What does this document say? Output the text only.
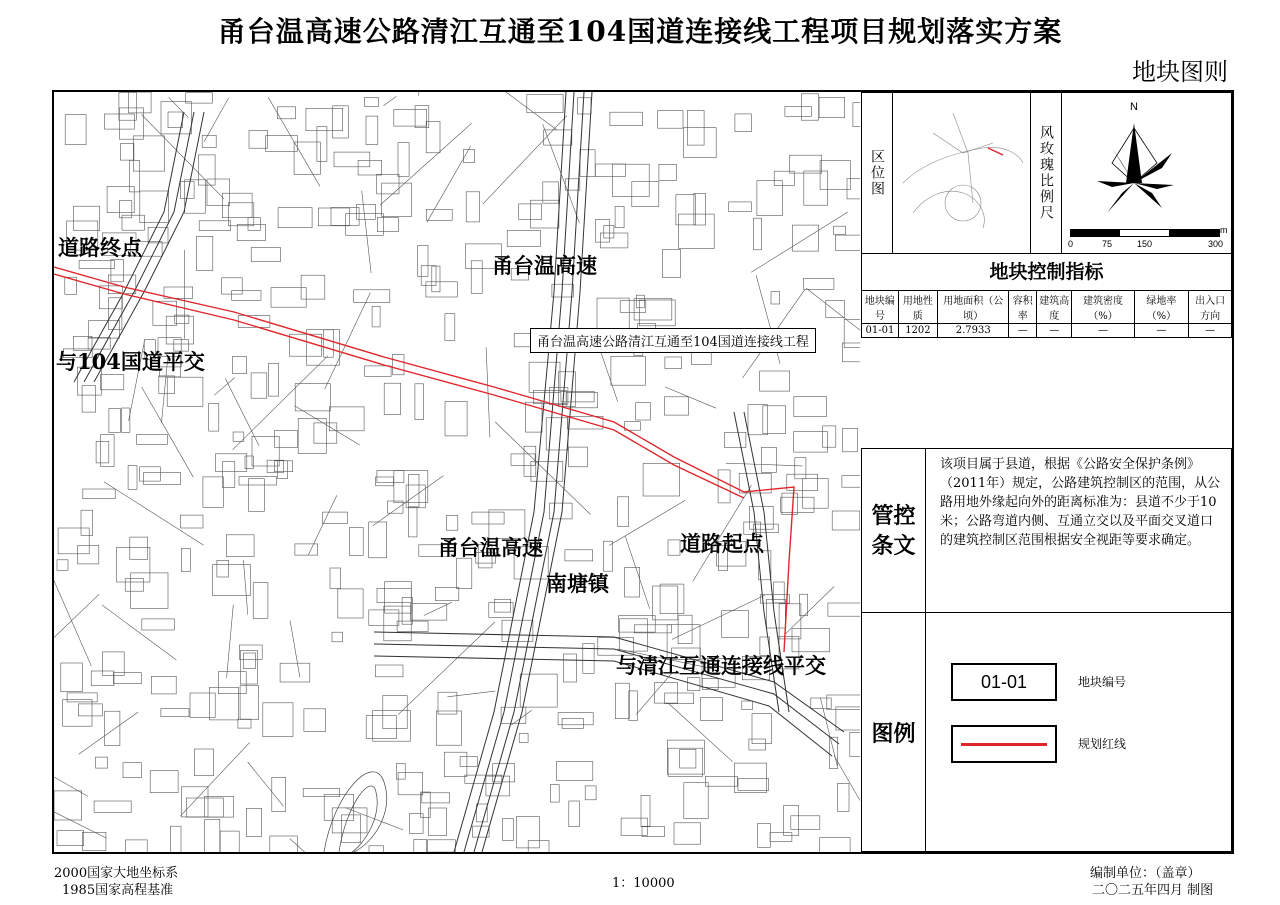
甬台温高速公路清江互通至104国道连接线工程项目规划落实方案
地块图则
道路终点
甬台温高速
与104国道平交
甬台温高速公路清江互通至104国道连接线工程
甬台温高速	道路起点
南塘镇
与清江互通连接线平交
区位图	风玫瑰比例尺
N
0	75	150	300
m
地块控制指标
地块编号	用地性质	用地面积（公顷）	容积率	建筑高度	建筑密度（%）	绿地率（%）	出入口方向
01-01	1202	2.7933	—	—	—	—	—
管控条文
该项目属于县道，根据《公路安全保护条例》（2011年）规定，公路建筑控制区的范围，从公路用地外缘起向外的距离标准为：县道不少于10米；公路弯道内侧、互通立交以及平面交叉道口的建筑控制区范围根据安全视距等要求确定。
图例
01-01	地块编号
规划红线
2000国家大地坐标系
1985国家高程基准	1：10000
编制单位：（盖章）
二〇二五年四月 制图
